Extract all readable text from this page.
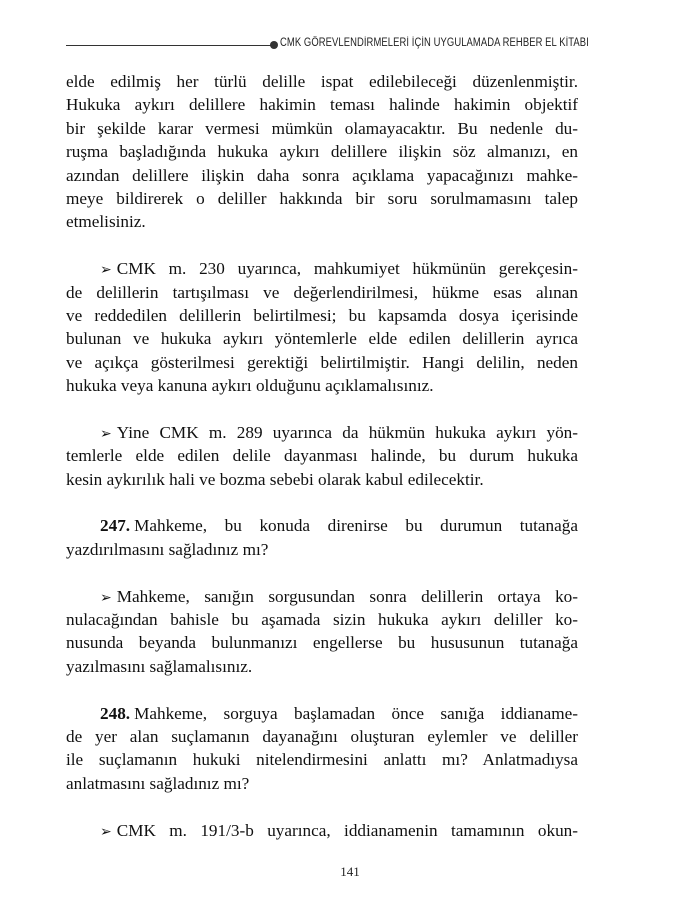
CMK GÖREVLENDİRMELERİ İÇİN UYGULAMADA REHBER EL KİTABI
elde edilmiş her türlü delille ispat edilebileceği düzenlenmiştir.
Hukuka aykırı delillere hakimin teması halinde hakimin objektif
bir şekilde karar vermesi mümkün olamayacaktır. Bu nedenle du-
ruşma başladığında hukuka aykırı delillere ilişkin söz almanızı, en
azından delillere ilişkin daha sonra açıklama yapacağınızı mahke-
meye bildirerek o deliller hakkında bir soru sorulmamasını talep
etmelisiniz.
➢ CMK m. 230 uyarınca, mahkumiyet hükmünün gerekçesin-
de delillerin tartışılması ve değerlendirilmesi, hükme esas alınan
ve reddedilen delillerin belirtilmesi; bu kapsamda dosya içerisinde
bulunan ve hukuka aykırı yöntemlerle elde edilen delillerin ayrıca
ve açıkça gösterilmesi gerektiği belirtilmiştir. Hangi delilin, neden
hukuka veya kanuna aykırı olduğunu açıklamalısınız.
➢ Yine CMK m. 289 uyarınca da hükmün hukuka aykırı yön-
temlerle elde edilen delile dayanması halinde, bu durum hukuka
kesin aykırılık hali ve bozma sebebi olarak kabul edilecektir.
247. Mahkeme, bu konuda direnirse bu durumun tutanağa
yazdırılmasını sağladınız mı?
➢ Mahkeme, sanığın sorgusundan sonra delillerin ortaya ko-
nulacağından bahisle bu aşamada sizin hukuka aykırı deliller ko-
nusunda beyanda bulunmanızı engellerse bu hususunun tutanağa
yazılmasını sağlamalısınız.
248. Mahkeme, sorguya başlamadan önce sanığa iddianame-
de yer alan suçlamanın dayanağını oluşturan eylemler ve deliller
ile suçlamanın hukuki nitelendirmesini anlattı mı? Anlatmadıysa
anlatmasını sağladınız mı?
➢ CMK m. 191/3-b uyarınca, iddianamenin tamamının okun-
141
